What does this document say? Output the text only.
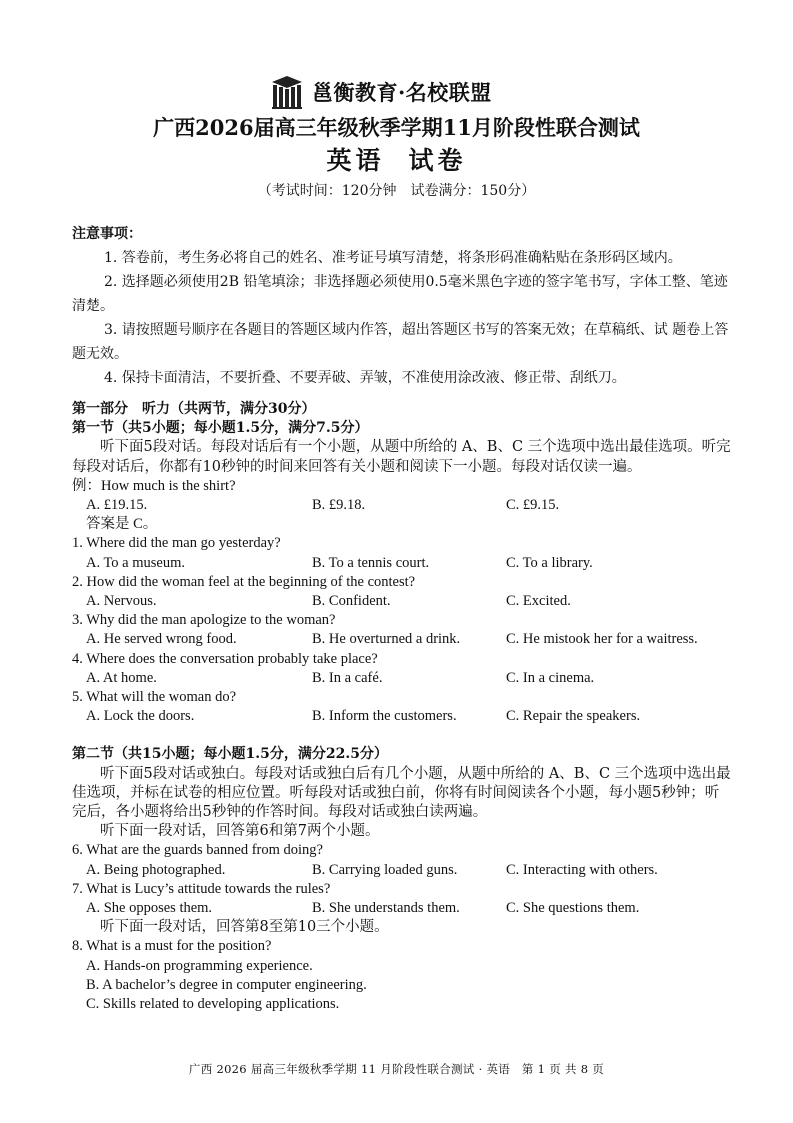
邕衡教育·名校联盟
广西2026届高三年级秋季学期11月阶段性联合测试
英语 试卷
（考试时间：120分钟　试卷满分：150分）
注意事项：

1. 答卷前，考生务必将自己的姓名、准考证号填写清楚，将条形码准确粘贴在条形码区域内。

2. 选择题必须使用2B 铅笔填涂；非选择题必须使用0.5毫米黑色字迹的签字笔书写，字体工整、笔迹清楚。

3. 请按照题号顺序在各题目的答题区域内作答，超出答题区书写的答案无效；在草稿纸、试 题卷上答题无效。

4. 保持卡面清洁，不要折叠、不要弄破、弄皱，不准使用涂改液、修正带、刮纸刀。

第一部分　听力（共两节，满分30分）

第一节（共5小题；每小题1.5分，满分7.5分）

听下面5段对话。每段对话后有一个小题，从题中所给的 A、B、C 三个选项中选出最佳选项。听完每段对话后，你都有10秒钟的时间来回答有关小题和阅读下一小题。每段对话仅读一遍。

例：How much is the shirt?

A. £19.15.	B. £9.18.	C. £9.15.

答案是 C。

1. Where did the man go yesterday?

A. To a museum.	B. To a tennis court.	C. To a library.

2. How did the woman feel at the beginning of the contest?

A. Nervous.	B. Confident.	C. Excited.

3. Why did the man apologize to the woman?

A. He served wrong food.	B. He overturned a drink.	C. He mistook her for a waitress.

4. Where does the conversation probably take place?

A. At home.	B. In a café.	C. In a cinema.

5. What will the woman do?

A. Lock the doors.	B. Inform the customers.	C. Repair the speakers.

第二节（共15小题；每小题1.5分，满分22.5分）

听下面5段对话或独白。每段对话或独白后有几个小题，从题中所给的 A、B、C 三个选项中选出最佳选项，并标在试卷的相应位置。听每段对话或独白前，你将有时间阅读各个小题，每小题5秒钟；听完后，各小题将给出5秒钟的作答时间。每段对话或独白读两遍。

听下面一段对话，回答第6和第7两个小题。

6. What are the guards banned from doing?

A. Being photographed.	B. Carrying loaded guns.	C. Interacting with others.

7. What is Lucy’s attitude towards the rules?

A. She opposes them.	B. She understands them.	C. She questions them.

听下面一段对话，回答第8至第10三个小题。

8. What is a must for the position?

A. Hands-on programming experience.

B. A bachelor’s degree in computer engineering.

C. Skills related to developing applications.

广西 2026 届高三年级秋季学期 11 月阶段性联合测试 · 英语　第 1 页 共 8 页
